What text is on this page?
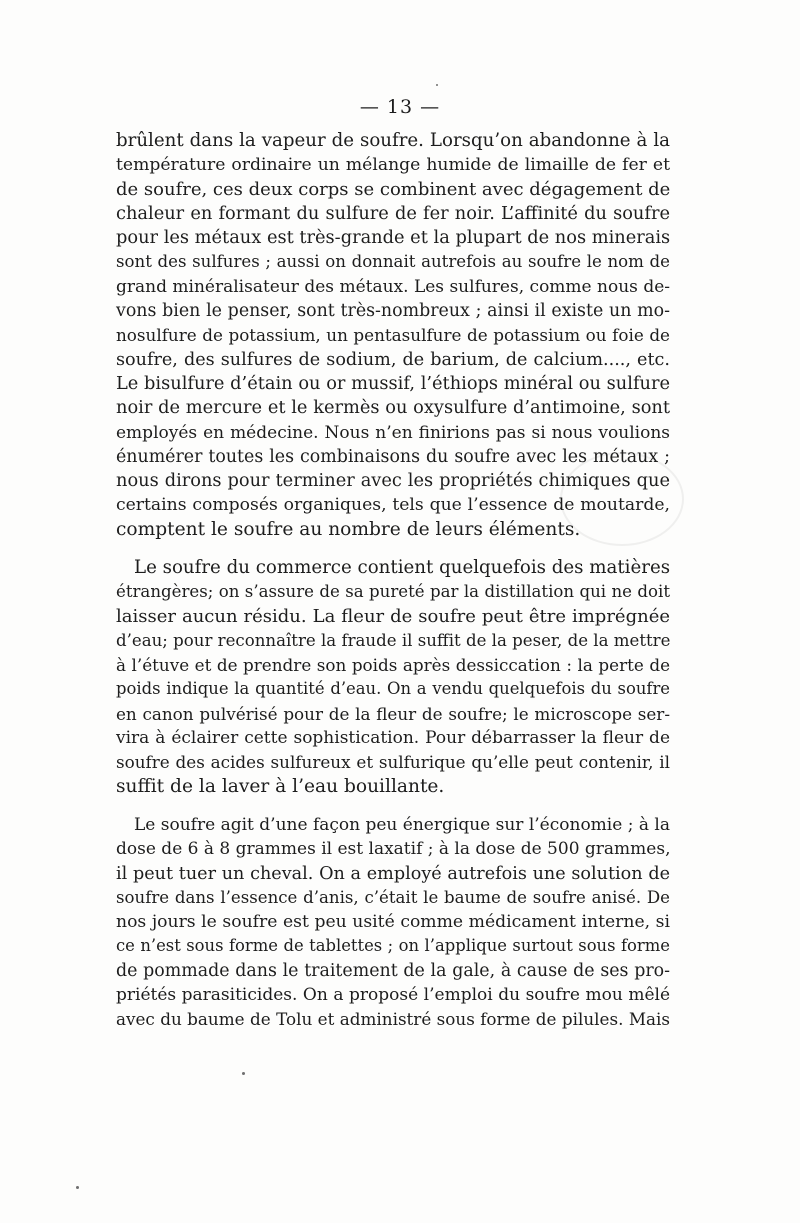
— 13 —
brûlent dans la vapeur de soufre. Lorsqu’on abandonne à la
température ordinaire un mélange humide de limaille de fer et
de soufre, ces deux corps se combinent avec dégagement de
chaleur en formant du sulfure de fer noir. L’affinité du soufre
pour les métaux est très-grande et la plupart de nos minerais
sont des sulfures ; aussi on donnait autrefois au soufre le nom de
grand minéralisateur des métaux. Les sulfures, comme nous de-
vons bien le penser, sont très-nombreux ; ainsi il existe un mo-
nosulfure de potassium, un pentasulfure de potassium ou foie de
soufre, des sulfures de sodium, de barium, de calcium...., etc.
Le bisulfure d’étain ou or mussif, l’éthiops minéral ou sulfure
noir de mercure et le kermès ou oxysulfure d’antimoine, sont
employés en médecine. Nous n’en finirions pas si nous voulions
énumérer toutes les combinaisons du soufre avec les métaux ;
nous dirons pour terminer avec les propriétés chimiques que
certains composés organiques, tels que l’essence de moutarde,
comptent le soufre au nombre de leurs éléments.
Le soufre du commerce contient quelquefois des matières
étrangères; on s’assure de sa pureté par la distillation qui ne doit
laisser aucun résidu. La fleur de soufre peut être imprégnée
d’eau; pour reconnaître la fraude il suffit de la peser, de la mettre
à l’étuve et de prendre son poids après dessiccation : la perte de
poids indique la quantité d’eau. On a vendu quelquefois du soufre
en canon pulvérisé pour de la fleur de soufre; le microscope ser-
vira à éclairer cette sophistication. Pour débarrasser la fleur de
soufre des acides sulfureux et sulfurique qu’elle peut contenir, il
suffit de la laver à l’eau bouillante.
Le soufre agit d’une façon peu énergique sur l’économie ; à la
dose de 6 à 8 grammes il est laxatif ; à la dose de 500 grammes,
il peut tuer un cheval. On a employé autrefois une solution de
soufre dans l’essence d’anis, c’était le baume de soufre anisé. De
nos jours le soufre est peu usité comme médicament interne, si
ce n’est sous forme de tablettes ; on l’applique surtout sous forme
de pommade dans le traitement de la gale, à cause de ses pro-
priétés parasiticides. On a proposé l’emploi du soufre mou mêlé
avec du baume de Tolu et administré sous forme de pilules. Mais
